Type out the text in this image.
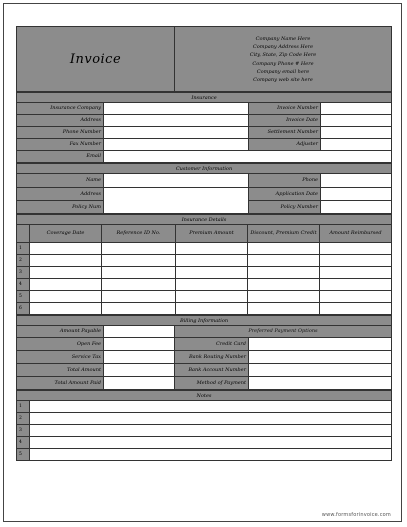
Invoice	
Company Name Here
Company Address Here
City, State, Zip Code Here
Company Phone # Here
Company email here
Company web site here
Insurance			
Insurance Company		Invoice Number	
Address		Invoice Date	
Phone Number		Settlement Number	
Fax Number		Adjuster	
Email			
Customer Information			
Name		Phone	
Address		Application Date	
Policy Num		Policy Number	
Insurance Details					
	Coverage Date	Reference ID No.	Premium Amount	Discount, Premium Credit	Amount Reimbursed
1					
2					
3					
4					
5					
6					
Billing Information			
Amount Payable		Preferred Payment Options	
Open Fee		Credit Card	
Service Tax		Bank Routing Number	
Total Amount		Bank Account Number	
Total Amount Paid		Method of Payment	
Notes	
1	
2	
3	
4	
5	
www.formsforinvoice.com
